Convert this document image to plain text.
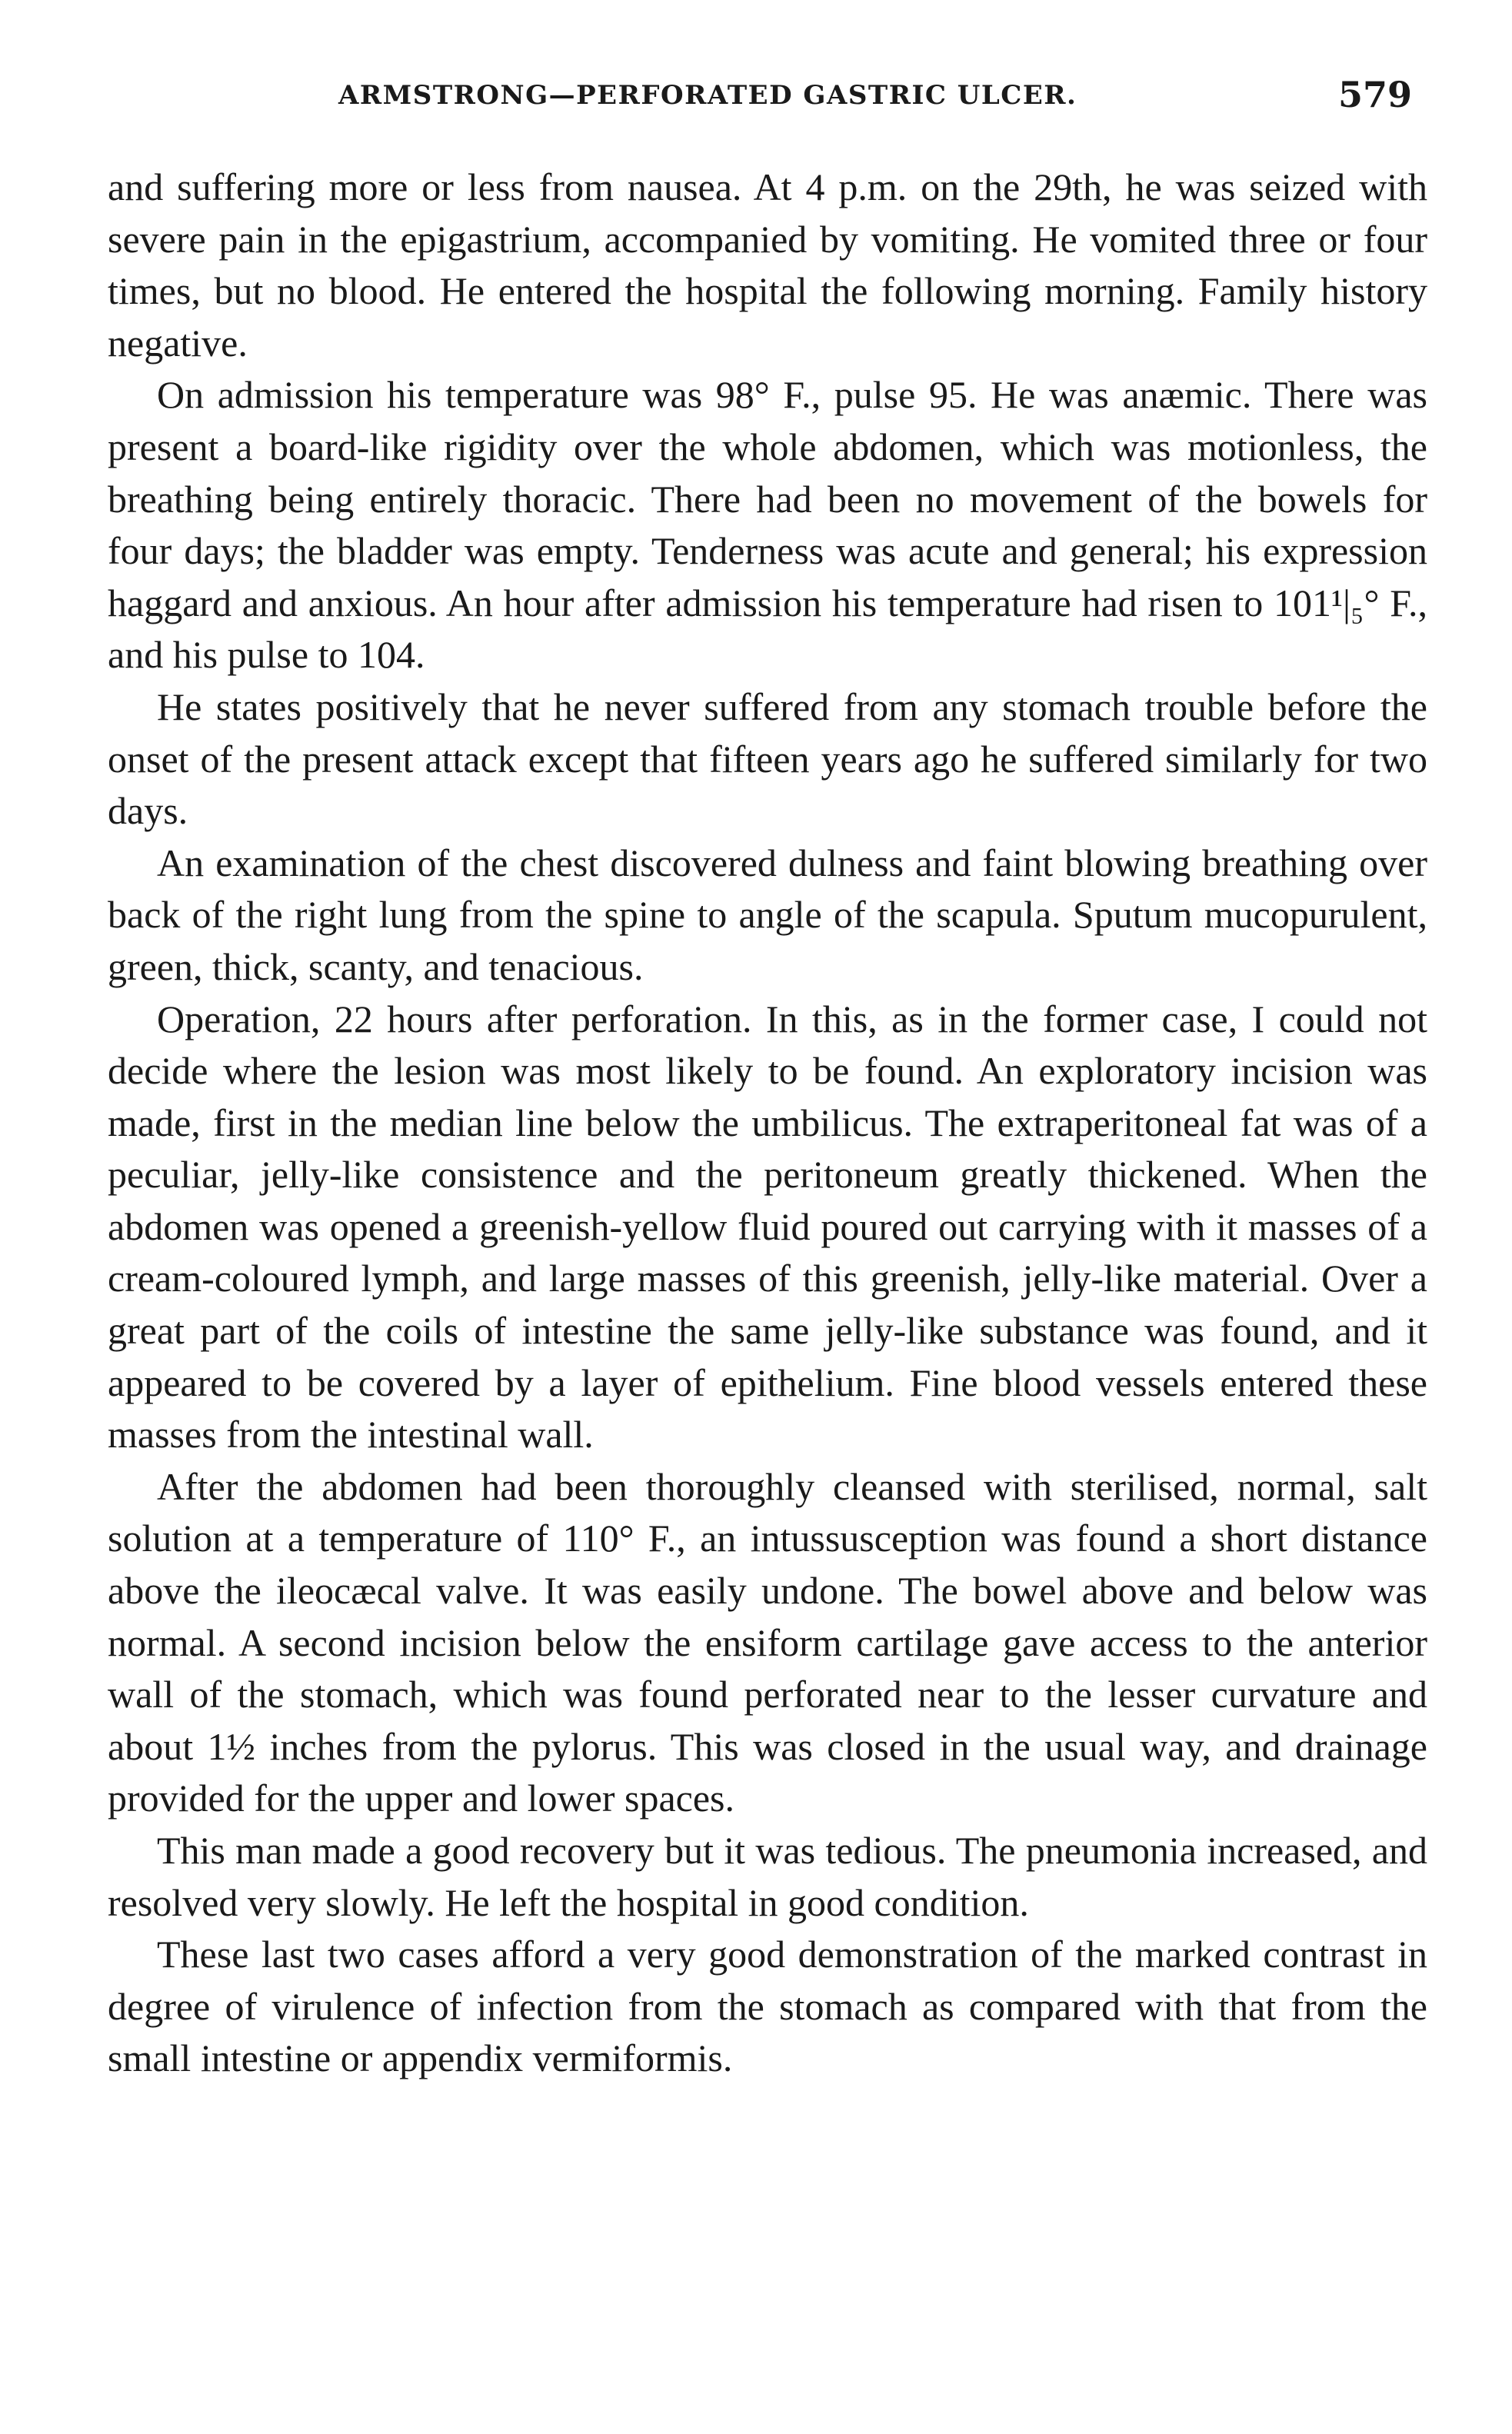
ARMSTRONG—PERFORATED GASTRIC ULCER.	579

and suffering more or less from nausea. At 4 p.m. on the 29th, he was seized with severe pain in the epigastrium, accompanied by vomiting. He vomited three or four times, but no blood. He entered the hospital the following morning. Family history negative.

On admission his temperature was 98° F., pulse 95. He was anæmic. There was present a board-like rigidity over the whole abdomen, which was motionless, the breathing being entirely thoracic. There had been no movement of the bowels for four days; the bladder was empty. Tenderness was acute and general; his expression haggard and anxious. An hour after admission his temperature had risen to 101¹|₅° F., and his pulse to 104.

He states positively that he never suffered from any stomach trouble before the onset of the present attack except that fifteen years ago he suffered similarly for two days.

An examination of the chest discovered dulness and faint blowing breathing over back of the right lung from the spine to angle of the scapula. Sputum mucopurulent, green, thick, scanty, and tenacious.

Operation, 22 hours after perforation. In this, as in the former case, I could not decide where the lesion was most likely to be found. An exploratory incision was made, first in the median line below the umbilicus. The extraperitoneal fat was of a peculiar, jelly-like consistence and the peritoneum greatly thickened. When the abdomen was opened a greenish-yellow fluid poured out carrying with it masses of a cream-coloured lymph, and large masses of this greenish, jelly-like material. Over a great part of the coils of intestine the same jelly-like substance was found, and it appeared to be covered by a layer of epithelium. Fine blood vessels entered these masses from the intestinal wall.

After the abdomen had been thoroughly cleansed with sterilised, normal, salt solution at a temperature of 110° F., an intussusception was found a short distance above the ileocæcal valve. It was easily undone. The bowel above and below was normal. A second incision below the ensiform cartilage gave access to the anterior wall of the stomach, which was found perforated near to the lesser curvature and about 1½ inches from the pylorus. This was closed in the usual way, and drainage provided for the upper and lower spaces.

This man made a good recovery but it was tedious. The pneumonia increased, and resolved very slowly. He left the hospital in good condition.

These last two cases afford a very good demonstration of the marked contrast in degree of virulence of infection from the stomach as compared with that from the small intestine or appendix vermiformis.
